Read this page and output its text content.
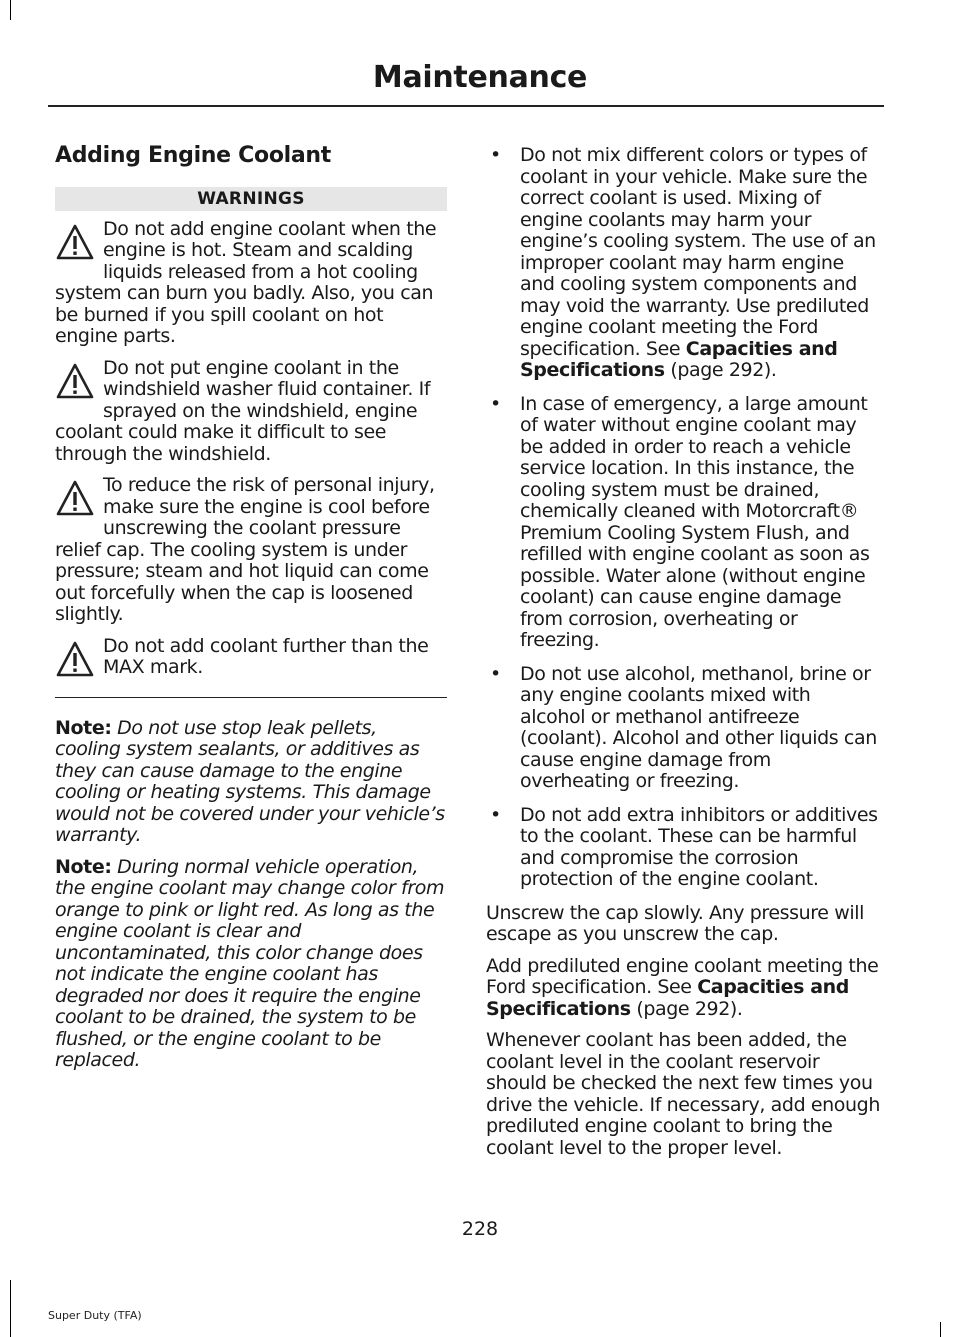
Maintenance
Adding Engine Coolant
WARNINGS
Do not add engine coolant when the engine is hot. Steam and scalding liquids released from a hot cooling system can burn you badly. Also, you can be burned if you spill coolant on hot engine parts.
Do not put engine coolant in the windshield washer fluid container. If sprayed on the windshield, engine coolant could make it difficult to see through the windshield.
To reduce the risk of personal injury, make sure the engine is cool before unscrewing the coolant pressure relief cap. The cooling system is under pressure; steam and hot liquid can come out forcefully when the cap is loosened slightly.
Do not add coolant further than the MAX mark.

Note: Do not use stop leak pellets, cooling system sealants, or additives as they can cause damage to the engine cooling or heating systems. This damage would not be covered under your vehicle’s warranty.

Note: During normal vehicle operation, the engine coolant may change color from orange to pink or light red. As long as the engine coolant is clear and uncontaminated, this color change does not indicate the engine coolant has degraded nor does it require the engine coolant to be drained, the system to be flushed, or the engine coolant to be replaced.

• Do not mix different colors or types of coolant in your vehicle. Make sure the correct coolant is used. Mixing of engine coolants may harm your engine’s cooling system. The use of an improper coolant may harm engine and cooling system components and may void the warranty. Use prediluted engine coolant meeting the Ford specification. See Capacities and Specifications (page 292).
• In case of emergency, a large amount of water without engine coolant may be added in order to reach a vehicle service location. In this instance, the cooling system must be drained, chemically cleaned with Motorcraft® Premium Cooling System Flush, and refilled with engine coolant as soon as possible. Water alone (without engine coolant) can cause engine damage from corrosion, overheating or freezing.
• Do not use alcohol, methanol, brine or any engine coolants mixed with alcohol or methanol antifreeze (coolant). Alcohol and other liquids can cause engine damage from overheating or freezing.
• Do not add extra inhibitors or additives to the coolant. These can be harmful and compromise the corrosion protection of the engine coolant.

Unscrew the cap slowly. Any pressure will escape as you unscrew the cap.

Add prediluted engine coolant meeting the Ford specification. See Capacities and Specifications (page 292).

Whenever coolant has been added, the coolant level in the coolant reservoir should be checked the next few times you drive the vehicle. If necessary, add enough prediluted engine coolant to bring the coolant level to the proper level.

228
Super Duty (TFA)
